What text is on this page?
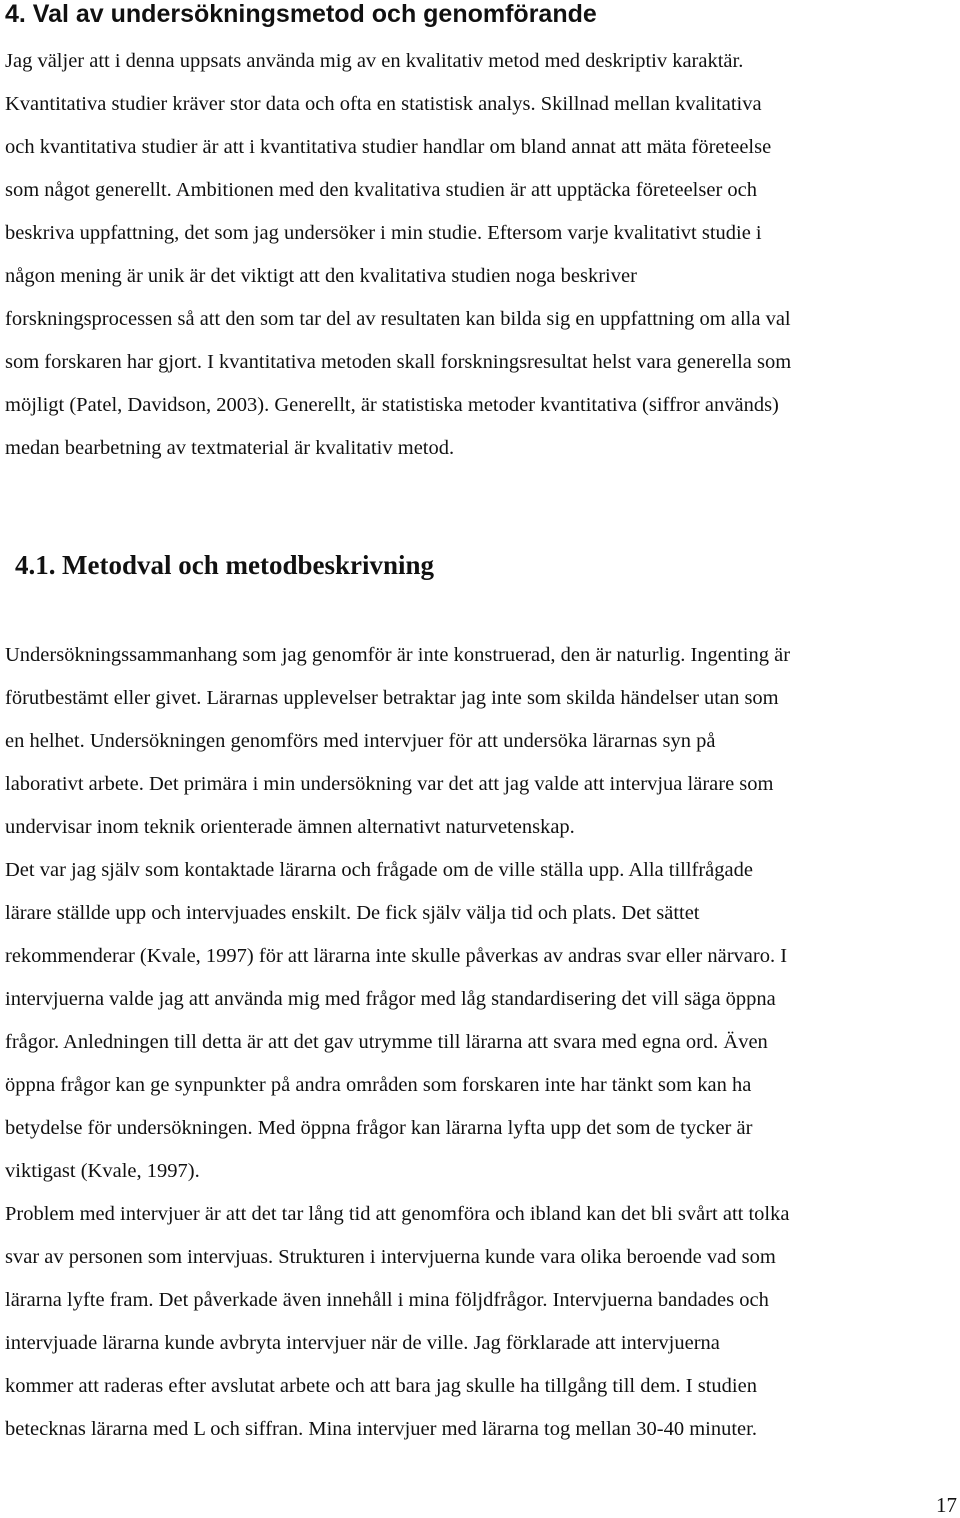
4. Val av undersökningsmetod och genomförande
Jag väljer att i denna uppsats använda mig av en kvalitativ metod med deskriptiv karaktär.
Kvantitativa studier kräver stor data och ofta en statistisk analys. Skillnad mellan kvalitativa
och kvantitativa studier är att i kvantitativa studier handlar om bland annat att mäta företeelse
som något generellt. Ambitionen med den kvalitativa studien är att upptäcka företeelser och
beskriva uppfattning, det som jag undersöker i min studie. Eftersom varje kvalitativt studie i
någon mening är unik är det viktigt att den kvalitativa studien noga beskriver
forskningsprocessen så att den som tar del av resultaten kan bilda sig en uppfattning om alla val
som forskaren har gjort. I kvantitativa metoden skall forskningsresultat helst vara generella som
möjligt (Patel, Davidson, 2003). Generellt, är statistiska metoder kvantitativa (siffror används)
medan bearbetning av textmaterial är kvalitativ metod.
4.1. Metodval och metodbeskrivning
Undersökningssammanhang som jag genomför är inte konstruerad, den är naturlig. Ingenting är
förutbestämt eller givet. Lärarnas upplevelser betraktar jag inte som skilda händelser utan som
en helhet. Undersökningen genomförs med intervjuer för att undersöka lärarnas syn på
laborativt arbete. Det primära i min undersökning var det att jag valde att intervjua lärare som
undervisar inom teknik orienterade ämnen alternativt naturvetenskap.
Det var jag själv som kontaktade lärarna och frågade om de ville ställa upp. Alla tillfrågade
lärare ställde upp och intervjuades enskilt. De fick själv välja tid och plats. Det sättet
rekommenderar (Kvale, 1997) för att lärarna inte skulle påverkas av andras svar eller närvaro. I
intervjuerna valde jag att använda mig med frågor med låg standardisering det vill säga öppna
frågor. Anledningen till detta är att det gav utrymme till lärarna att svara med egna ord. Även
öppna frågor kan ge synpunkter på andra områden som forskaren inte har tänkt som kan ha
betydelse för undersökningen. Med öppna frågor kan lärarna lyfta upp det som de tycker är
viktigast (Kvale, 1997).
Problem med intervjuer är att det tar lång tid att genomföra och ibland kan det bli svårt att tolka
svar av personen som intervjuas. Strukturen i intervjuerna kunde vara olika beroende vad som
lärarna lyfte fram. Det påverkade även innehåll i mina följdfrågor. Intervjuerna bandades och
intervjuade lärarna kunde avbryta intervjuer när de ville. Jag förklarade att intervjuerna
kommer att raderas efter avslutat arbete och att bara jag skulle ha tillgång till dem. I studien
betecknas lärarna med L och siffran. Mina intervjuer med lärarna tog mellan 30-40 minuter.
17
